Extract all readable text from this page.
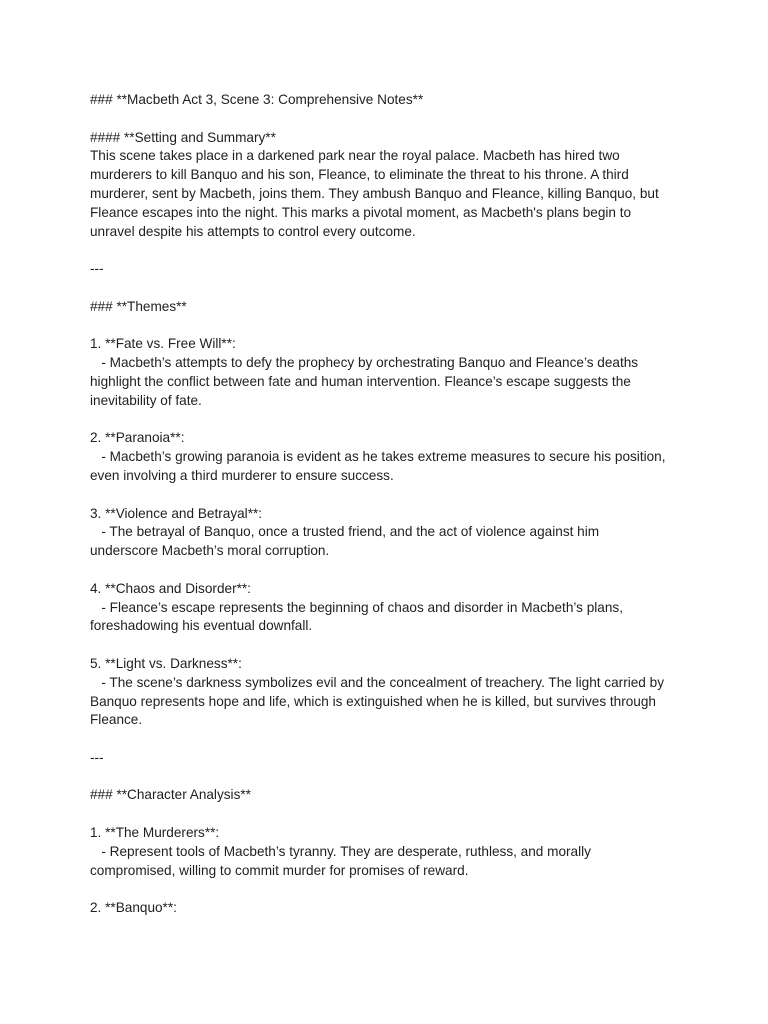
### **Macbeth Act 3, Scene 3: Comprehensive Notes**

#### **Setting and Summary**

This scene takes place in a darkened park near the royal palace. Macbeth has hired two

murderers to kill Banquo and his son, Fleance, to eliminate the threat to his throne. A third

murderer, sent by Macbeth, joins them. They ambush Banquo and Fleance, killing Banquo, but

Fleance escapes into the night. This marks a pivotal moment, as Macbeth's plans begin to

unravel despite his attempts to control every outcome.

---

### **Themes**

1. **Fate vs. Free Will**:

- Macbeth’s attempts to defy the prophecy by orchestrating Banquo and Fleance’s deaths

highlight the conflict between fate and human intervention. Fleance’s escape suggests the

inevitability of fate.

2. **Paranoia**:

- Macbeth’s growing paranoia is evident as he takes extreme measures to secure his position,

even involving a third murderer to ensure success.

3. **Violence and Betrayal**:

- The betrayal of Banquo, once a trusted friend, and the act of violence against him

underscore Macbeth’s moral corruption.

4. **Chaos and Disorder**:

- Fleance’s escape represents the beginning of chaos and disorder in Macbeth’s plans,

foreshadowing his eventual downfall.

5. **Light vs. Darkness**:

- The scene’s darkness symbolizes evil and the concealment of treachery. The light carried by

Banquo represents hope and life, which is extinguished when he is killed, but survives through

Fleance.

---

### **Character Analysis**

1. **The Murderers**:

- Represent tools of Macbeth’s tyranny. They are desperate, ruthless, and morally

compromised, willing to commit murder for promises of reward.

2. **Banquo**:
